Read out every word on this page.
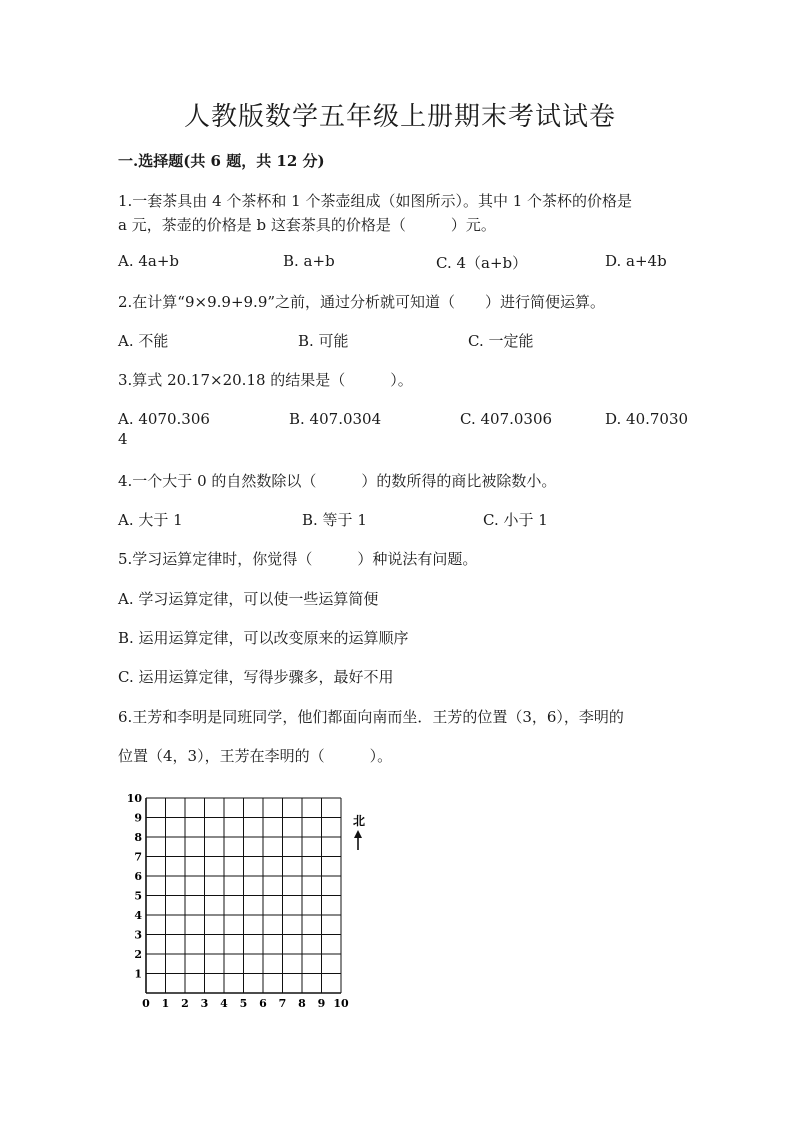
人教版数学五年级上册期末考试试卷
一.选择题(共 6 题，共 12 分)
1.一套茶具由 4 个茶杯和 1 个茶壶组成（如图所示）。其中 1 个茶杯的价格是
a 元，茶壶的价格是 b 这套茶具的价格是（　　　）元。
A. 4a+b	B. a+b	C. 4（a+b）	D. a+4b
2.在计算“9×9.9+9.9”之前，通过分析就可知道（　　）进行简便运算。
A. 不能	B. 可能	C. 一定能
3.算式 20.17×20.18 的结果是（　　　）。
A. 4070.306	B. 407.0304	C. 407.0306	D. 40.7030
4
4.一个大于 0 的自然数除以（　　　）的数所得的商比被除数小。
A. 大于 1	B. 等于 1	C. 小于 1
5.学习运算定律时，你觉得（　　　）种说法有问题。
A. 学习运算定律，可以使一些运算简便
B. 运用运算定律，可以改变原来的运算顺序
C. 运用运算定律，写得步骤多，最好不用
6.王芳和李明是同班同学，他们都面向南而坐．王芳的位置（3，6），李明的
位置（4，3），王芳在李明的（　　　）。
0 1 2 3 4 5 6 7 8 9 10
1
2
3
4
5
6
7
8
9
10
北
